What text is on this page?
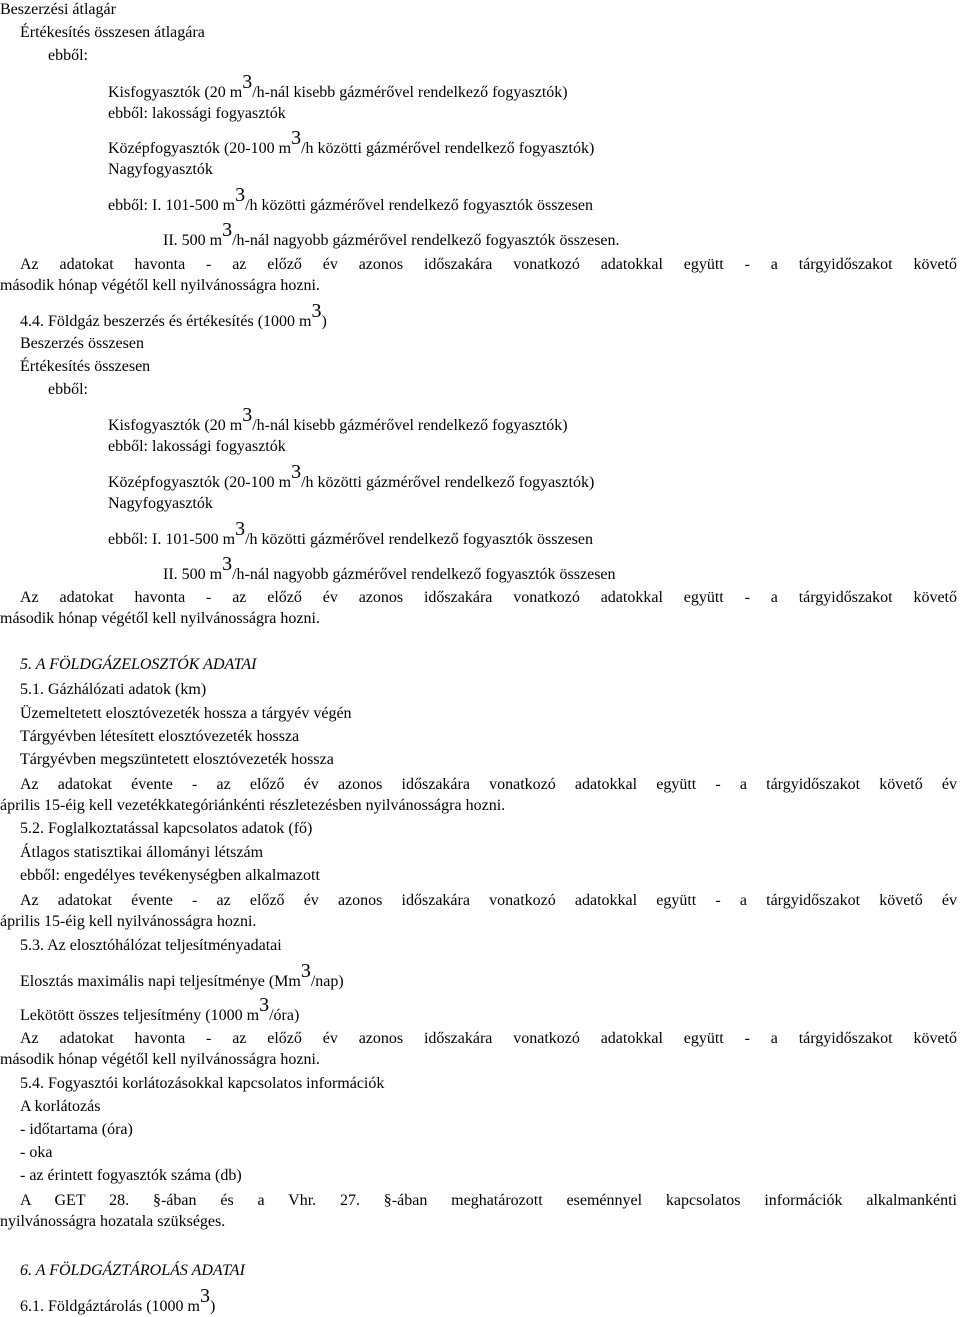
Beszerzési átlagár
Értékesítés összesen átlagára
ebből:
Kisfogyasztók (20 m3/h-nál kisebb gázmérővel rendelkező fogyasztók)
ebből: lakossági fogyasztók
Középfogyasztók (20-100 m3/h közötti gázmérővel rendelkező fogyasztók)
Nagyfogyasztók
ebből: I. 101-500 m3/h közötti gázmérővel rendelkező fogyasztók összesen
II. 500 m3/h-nál nagyobb gázmérővel rendelkező fogyasztók összesen.
Az adatokat havonta - az előző év azonos időszakára vonatkozó adatokkal együtt - a tárgyidőszakot követő
második hónap végétől kell nyilvánosságra hozni.
4.4. Földgáz beszerzés és értékesítés (1000 m3)
Beszerzés összesen
Értékesítés összesen
ebből:
Kisfogyasztók (20 m3/h-nál kisebb gázmérővel rendelkező fogyasztók)
ebből: lakossági fogyasztók
Középfogyasztók (20-100 m3/h közötti gázmérővel rendelkező fogyasztók)
Nagyfogyasztók
ebből: I. 101-500 m3/h közötti gázmérővel rendelkező fogyasztók összesen
II. 500 m3/h-nál nagyobb gázmérővel rendelkező fogyasztók összesen
Az adatokat havonta - az előző év azonos időszakára vonatkozó adatokkal együtt - a tárgyidőszakot követő
második hónap végétől kell nyilvánosságra hozni.
5. A FÖLDGÁZELOSZTÓK ADATAI
5.1. Gázhálózati adatok (km)
Üzemeltetett elosztóvezeték hossza a tárgyév végén
Tárgyévben létesített elosztóvezeték hossza
Tárgyévben megszüntetett elosztóvezeték hossza
Az adatokat évente - az előző év azonos időszakára vonatkozó adatokkal együtt - a tárgyidőszakot követő év
április 15-éig kell vezetékkategóriánkénti részletezésben nyilvánosságra hozni.
5.2. Foglalkoztatással kapcsolatos adatok (fő)
Átlagos statisztikai állományi létszám
ebből: engedélyes tevékenységben alkalmazott
Az adatokat évente - az előző év azonos időszakára vonatkozó adatokkal együtt - a tárgyidőszakot követő év
április 15-éig kell nyilvánosságra hozni.
5.3. Az elosztóhálózat teljesítményadatai
Elosztás maximális napi teljesítménye (Mm3/nap)
Lekötött összes teljesítmény (1000 m3/óra)
Az adatokat havonta - az előző év azonos időszakára vonatkozó adatokkal együtt - a tárgyidőszakot követő
második hónap végétől kell nyilvánosságra hozni.
5.4. Fogyasztói korlátozásokkal kapcsolatos információk
A korlátozás
- időtartama (óra)
- oka
- az érintett fogyasztók száma (db)
A GET 28. §-ában és a Vhr. 27. §-ában meghatározott eseménnyel kapcsolatos információk alkalmankénti
nyilvánosságra hozatala szükséges.
6. A FÖLDGÁZTÁROLÁS ADATAI
6.1. Földgáztárolás (1000 m3)
